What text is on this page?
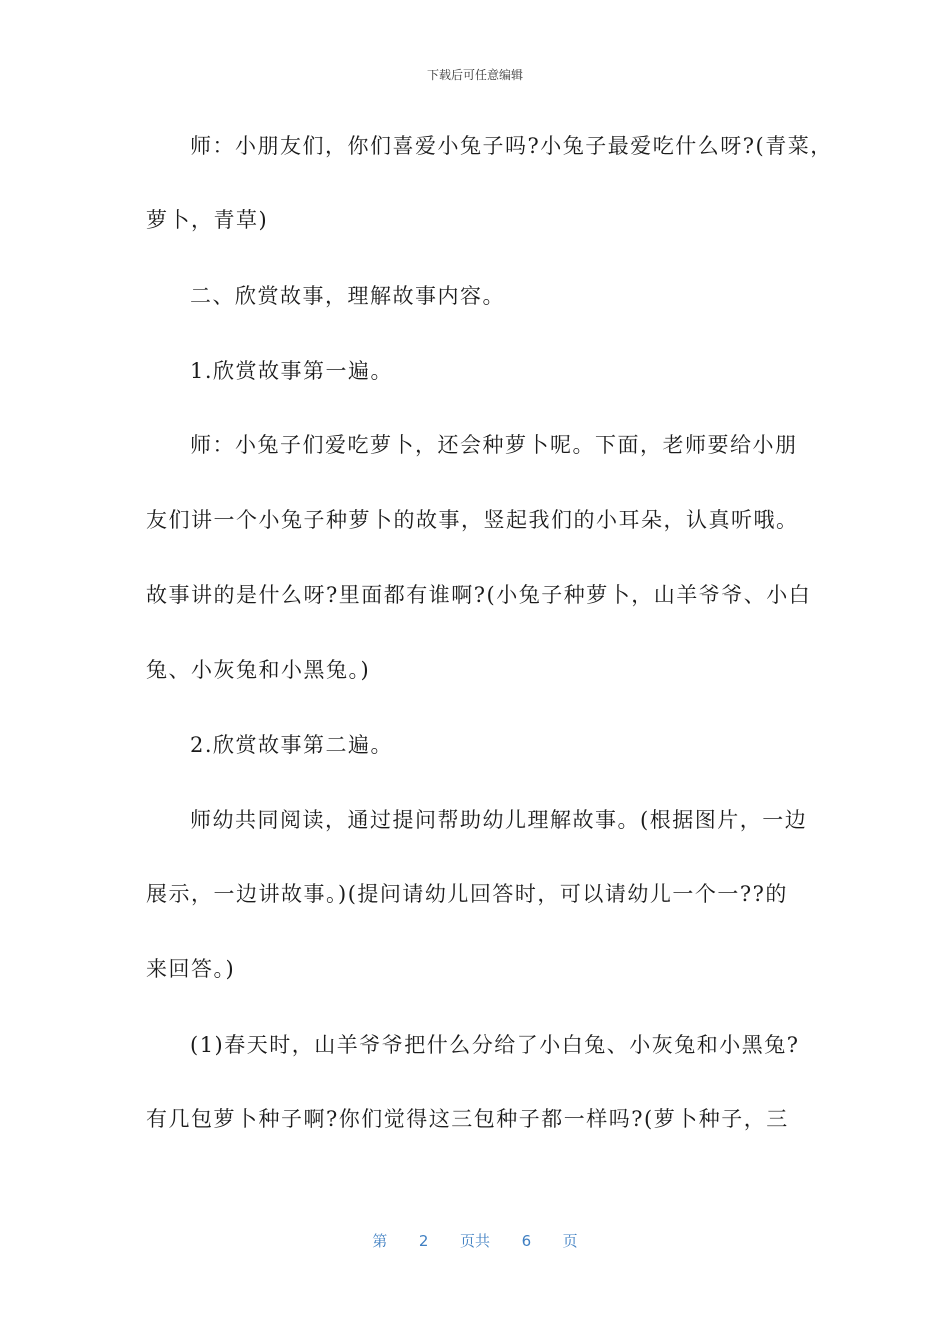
下载后可任意编辑
师：小朋友们，你们喜爱小兔子吗?小兔子最爱吃什么呀?(青菜，
萝卜，青草)
二、欣赏故事，理解故事内容。
1.欣赏故事第一遍。
师：小兔子们爱吃萝卜，还会种萝卜呢。下面，老师要给小朋
友们讲一个小兔子种萝卜的故事，竖起我们的小耳朵，认真听哦。
故事讲的是什么呀?里面都有谁啊?(小兔子种萝卜，山羊爷爷、小白
兔、小灰兔和小黑兔。)
2.欣赏故事第二遍。
师幼共同阅读，通过提问帮助幼儿理解故事。(根据图片，一边
展示，一边讲故事。)(提问请幼儿回答时，可以请幼儿一个一??的
来回答。)
(1)春天时，山羊爷爷把什么分给了小白兔、小灰兔和小黑兔?
有几包萝卜种子啊?你们觉得这三包种子都一样吗?(萝卜种子，三
第 2 页共 6 页
